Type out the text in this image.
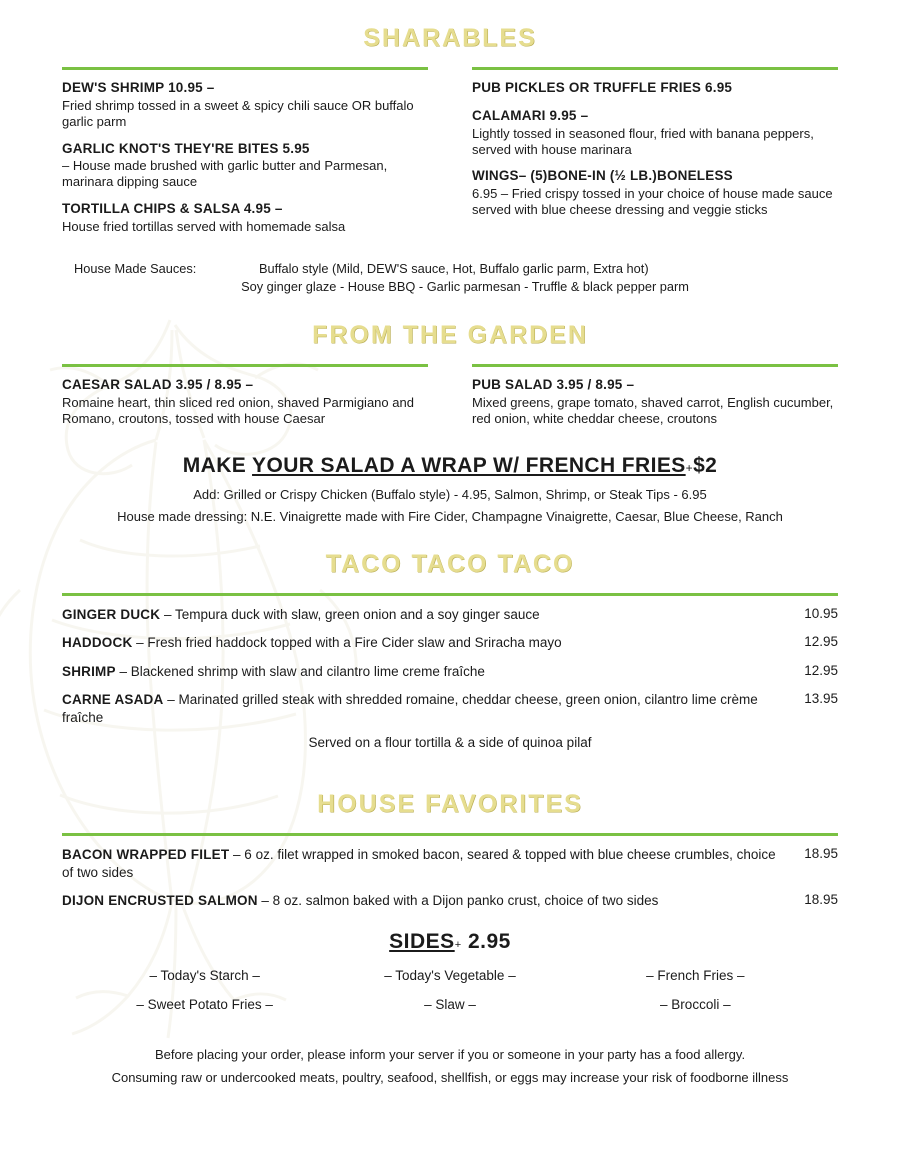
SHARABLES
DEW'S SHRIMP 10.95 –
Fried shrimp tossed in a sweet & spicy chili sauce OR buffalo garlic parm
GARLIC KNOT'S THEY'RE BITES 5.95
– House made brushed with garlic butter and Parmesan, marinara dipping sauce
TORTILLA CHIPS & SALSA 4.95 –
House fried tortillas served with homemade salsa
PUB PICKLES OR TRUFFLE FRIES 6.95
CALAMARI 9.95 –
Lightly tossed in seasoned flour, fried with banana peppers, served with house marinara
WINGS– (5)BONE-IN (½ LB.)BONELESS
6.95 – Fried crispy tossed in your choice of house made sauce served with blue cheese dressing and veggie sticks
House Made Sauces:	Buffalo style (Mild, DEW'S sauce, Hot, Buffalo garlic parm, Extra hot)
Soy ginger glaze - House BBQ - Garlic parmesan - Truffle & black pepper parm
FROM THE GARDEN
CAESAR SALAD 3.95 / 8.95 –
Romaine heart, thin sliced red onion, shaved Parmigiano and Romano, croutons, tossed with house Caesar
PUB SALAD 3.95 / 8.95 –
Mixed greens, grape tomato, shaved carrot, English cucumber, red onion, white cheddar cheese, croutons
MAKE YOUR SALAD A WRAP W/ FRENCH FRIES+$2
Add: Grilled or Crispy Chicken (Buffalo style) - 4.95, Salmon, Shrimp, or Steak Tips - 6.95
House made dressing: N.E. Vinaigrette made with Fire Cider, Champagne Vinaigrette, Caesar, Blue Cheese, Ranch
TACO TACO TACO
GINGER DUCK – Tempura duck with slaw, green onion and a soy ginger sauce	10.95
HADDOCK – Fresh fried haddock topped with a Fire Cider slaw and Sriracha mayo	12.95
SHRIMP – Blackened shrimp with slaw and cilantro lime creme fraîche	12.95
CARNE ASADA – Marinated grilled steak with shredded romaine, cheddar cheese, green onion, cilantro lime crème fraîche
13.95
Served on a flour tortilla & a side of quinoa pilaf
HOUSE FAVORITES
BACON WRAPPED FILET – 6 oz. filet wrapped in smoked bacon, seared & topped with blue cheese crumbles, choice of two sides
18.95
DIJON ENCRUSTED SALMON – 8 oz. salmon baked with a Dijon panko crust, choice of two sides	18.95
SIDES+ 2.95
– Today's Starch –	– Today's Vegetable –	– French Fries –
– Sweet Potato Fries –	– Slaw –	– Broccoli –
Before placing your order, please inform your server if you or someone in your party has a food allergy.
Consuming raw or undercooked meats, poultry, seafood, shellfish, or eggs may increase your risk of foodborne illness
